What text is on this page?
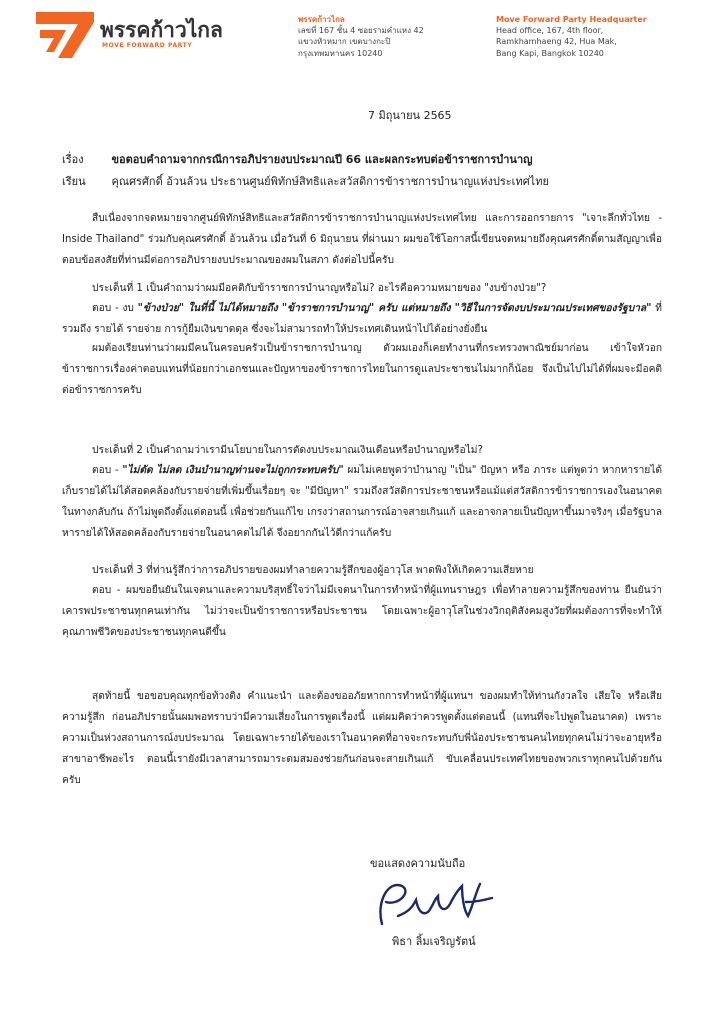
พรรคก้าวไกล
MOVE FORWARD PARTY
พรรคก้าวไกล
เลขที่ 167 ชั้น 4 ซอยรามคำแหง 42
แขวงหัวหมาก เขตบางกะปิ
กรุงเทพมหานคร 10240
Move Forward Party Headquarter
Head office, 167, 4th floor,
Ramkhamhaeng 42, Hua Mak,
Bang Kapi, Bangkok 10240
7 มิถุนายน 2565
เรื่อง	ขอตอบคำถามจากกรณีการอภิปรายงบประมาณปี 66 และผลกระทบต่อข้าราชการบำนาญ
เรียน คุณศรศักดิ์ อ้วนล้วน ประธานศูนย์พิทักษ์สิทธิและสวัสดิการข้าราชการบำนาญแห่งประเทศไทย
สืบเนื่องจากจดหมายจากศูนย์พิทักษ์สิทธิและสวัสดิการข้าราชการบำนาญแห่งประเทศไทย และการออกรายการ "เจาะลึกทั่วไทย - Inside Thailand" ร่วมกับคุณศรศักดิ์ อ้วนล้วน เมื่อวันที่ 6 มิถุนายน ที่ผ่านมา ผมขอใช้โอกาสนี้เขียนจดหมายถึงคุณศรศักดิ์ตามสัญญาเพื่อตอบข้อสงสัยที่ท่านมีต่อการอภิปรายงบประมาณของผมในสภา ดังต่อไปนี้ครับ
ประเด็นที่ 1 เป็นคำถามว่าผมมีอคติกับข้าราชการบำนาญหรือไม่? อะไรคือความหมายของ "งบข้างป่วย"?
ตอบ - งบ "ข้างป่วย" ในที่นี้ ไม่ได้หมายถึง "ข้าราชการบำนาญ" ครับ แต่หมายถึง "วิธีในการจัดงบประมาณประเทศของรัฐบาล" ที่รวมถึง รายได้ รายจ่าย การกู้ยืมเงินขาดดุล ซึ่งจะไม่สามารถทำให้ประเทศเดินหน้าไปได้อย่างยั่งยืน
ผมต้องเรียนท่านว่าผมมีคนในครอบครัวเป็นข้าราชการบำนาญ ตัวผมเองก็เคยทำงานที่กระทรวงพาณิชย์มาก่อน เข้าใจหัวอกข้าราชการเรื่องค่าตอบแทนที่น้อยกว่าเอกชนและปัญหาของข้าราชการไทยในการดูแลประชาชนไม่มากก็น้อย จึงเป็นไปไม่ได้ที่ผมจะมีอคติต่อข้าราชการครับ
ประเด็นที่ 2 เป็นคำถามว่าเรามีนโยบายในการตัดงบประมาณเงินเดือนหรือบำนาญหรือไม่?
ตอบ - "ไม่ตัด ไม่ลด เงินบำนาญท่านจะไม่ถูกกระทบครับ" ผมไม่เคยพูดว่าบำนาญ "เป็น" ปัญหา หรือ ภาระ แต่พูดว่า หากหารายได้ เก็บรายได้ไม่ได้สอดคล้องกับรายจ่ายที่เพิ่มขึ้นเรื่อยๆ จะ "มีปัญหา" รวมถึงสวัสดิการประชาชนหรือแม้แต่สวัสดิการข้าราชการเองในอนาคต ในทางกลับกัน ถ้าไม่พูดถึงตั้งแต่ตอนนี้ เพื่อช่วยกันแก้ไข เกรงว่าสถานการณ์อาจสายเกินแก้ และอาจกลายเป็นปัญหาขึ้นมาจริงๆ เมื่อรัฐบาลหารายได้ให้สอดคล้องกับรายจ่ายในอนาคตไม่ได้ จึงอยากกันไว้ดีกว่าแก้ครับ
ประเด็นที่ 3 ที่ท่านรู้สึกว่าการอภิปรายของผมทำลายความรู้สึกของผู้อาวุโส พาดพิงให้เกิดความเสียหาย
ตอบ - ผมขอยืนยันในเจตนาและความบริสุทธิ์ใจว่าไม่มีเจตนาในการทำหน้าที่ผู้แทนราษฎร เพื่อทำลายความรู้สึกของท่าน ยืนยันว่าเคารพประชาชนทุกคนเท่ากัน ไม่ว่าจะเป็นข้าราชการหรือประชาชน โดยเฉพาะผู้อาวุโสในช่วงวิกฤติสังคมสูงวัยที่ผมต้องการที่จะทำให้คุณภาพชีวิตของประชาชนทุกคนดีขึ้น
สุดท้ายนี้ ขอขอบคุณทุกข้อท้วงติง คำแนะนำ และต้องขออภัยหากการทำหน้าที่ผู้แทนฯ ของผมทำให้ท่านกังวลใจ เสียใจ หรือเสียความรู้สึก ก่อนอภิปรายนั้นผมพอทราบว่ามีความเสี่ยงในการพูดเรื่องนี้ แต่ผมคิดว่าควรพูดตั้งแต่ตอนนี้ (แทนที่จะไปพูดในอนาคต) เพราะความเป็นห่วงสถานการณ์งบประมาณ โดยเฉพาะรายได้ของเราในอนาคตที่อาจจะกระทบกับพี่น้องประชาชนคนไทยทุกคนไม่ว่าจะอายุหรือสาขาอาชีพอะไร ตอนนี้เรายังมีเวลาสามารถมาระดมสมองช่วยกันก่อนจะสายเกินแก้ ขับเคลื่อนประเทศไทยของพวกเราทุกคนไปด้วยกันครับ
ขอแสดงความนับถือ
พิธา ลิ้มเจริญรัตน์
